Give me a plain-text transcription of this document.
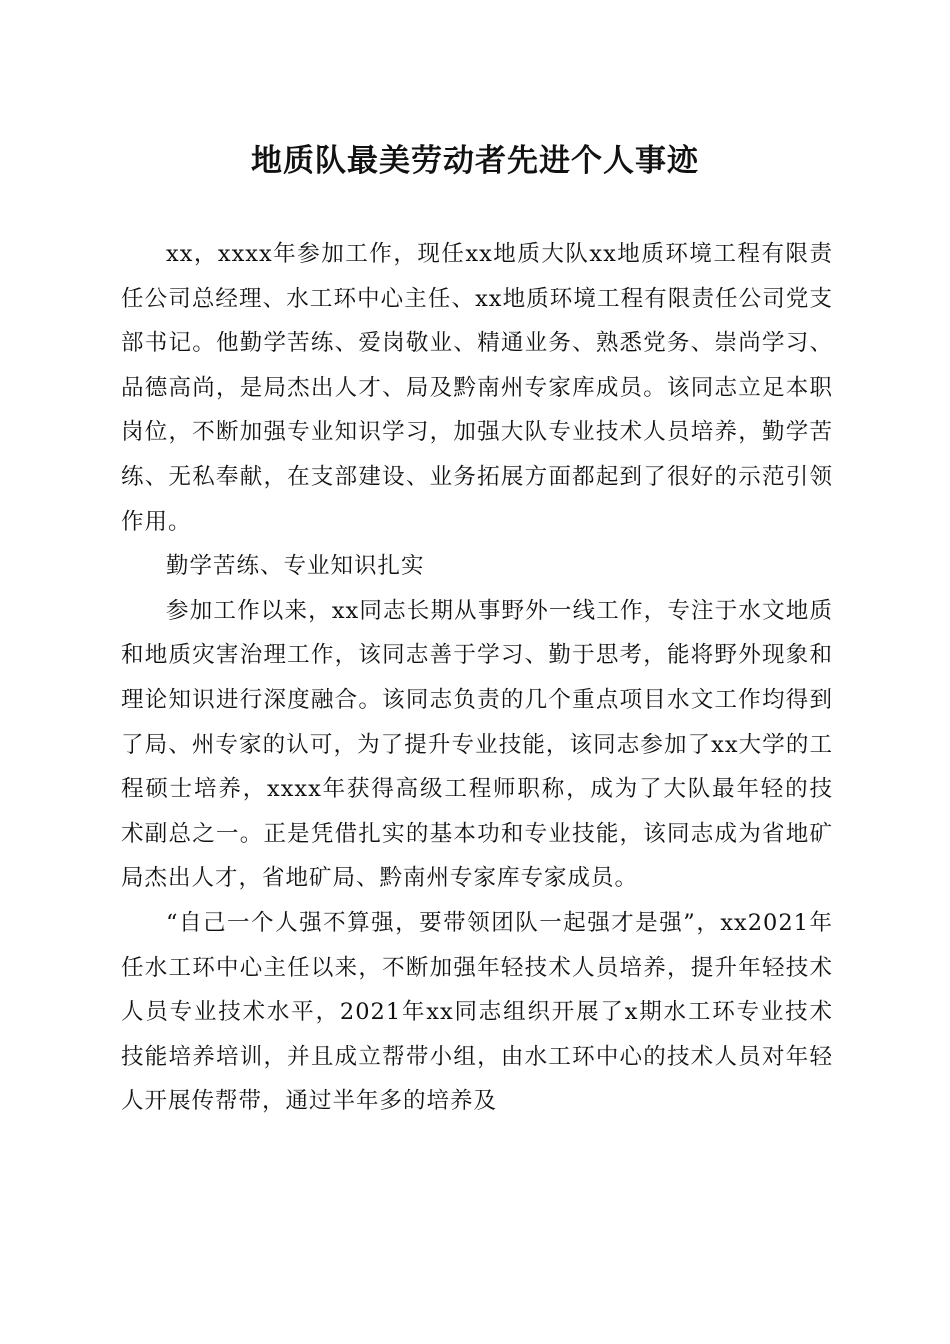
地质队最美劳动者先进个人事迹

xx，xxxx年参加工作，现任xx地质大队xx地质环境工程有限责任公司总经理、水工环中心主任、xx地质环境工程有限责任公司党支部书记。他勤学苦练、爱岗敬业、精通业务、熟悉党务、崇尚学习、品德高尚，是局杰出人才、局及黔南州专家库成员。该同志立足本职岗位，不断加强专业知识学习，加强大队专业技术人员培养，勤学苦练、无私奉献，在支部建设、业务拓展方面都起到了很好的示范引领作用。

勤学苦练、专业知识扎实

参加工作以来，xx同志长期从事野外一线工作，专注于水文地质和地质灾害治理工作，该同志善于学习、勤于思考，能将野外现象和理论知识进行深度融合。该同志负责的几个重点项目水文工作均得到了局、州专家的认可，为了提升专业技能，该同志参加了xx大学的工程硕士培养，xxxx年获得高级工程师职称，成为了大队最年轻的技术副总之一。正是凭借扎实的基本功和专业技能，该同志成为省地矿局杰出人才，省地矿局、黔南州专家库专家成员。

“自己一个人强不算强，要带领团队一起强才是强”，xx2021年任水工环中心主任以来，不断加强年轻技术人员培养，提升年轻技术人员专业技术水平，2021年xx同志组织开展了x期水工环专业技术技能培养培训，并且成立帮带小组，由水工环中心的技术人员对年轻人开展传帮带，通过半年多的培养及
